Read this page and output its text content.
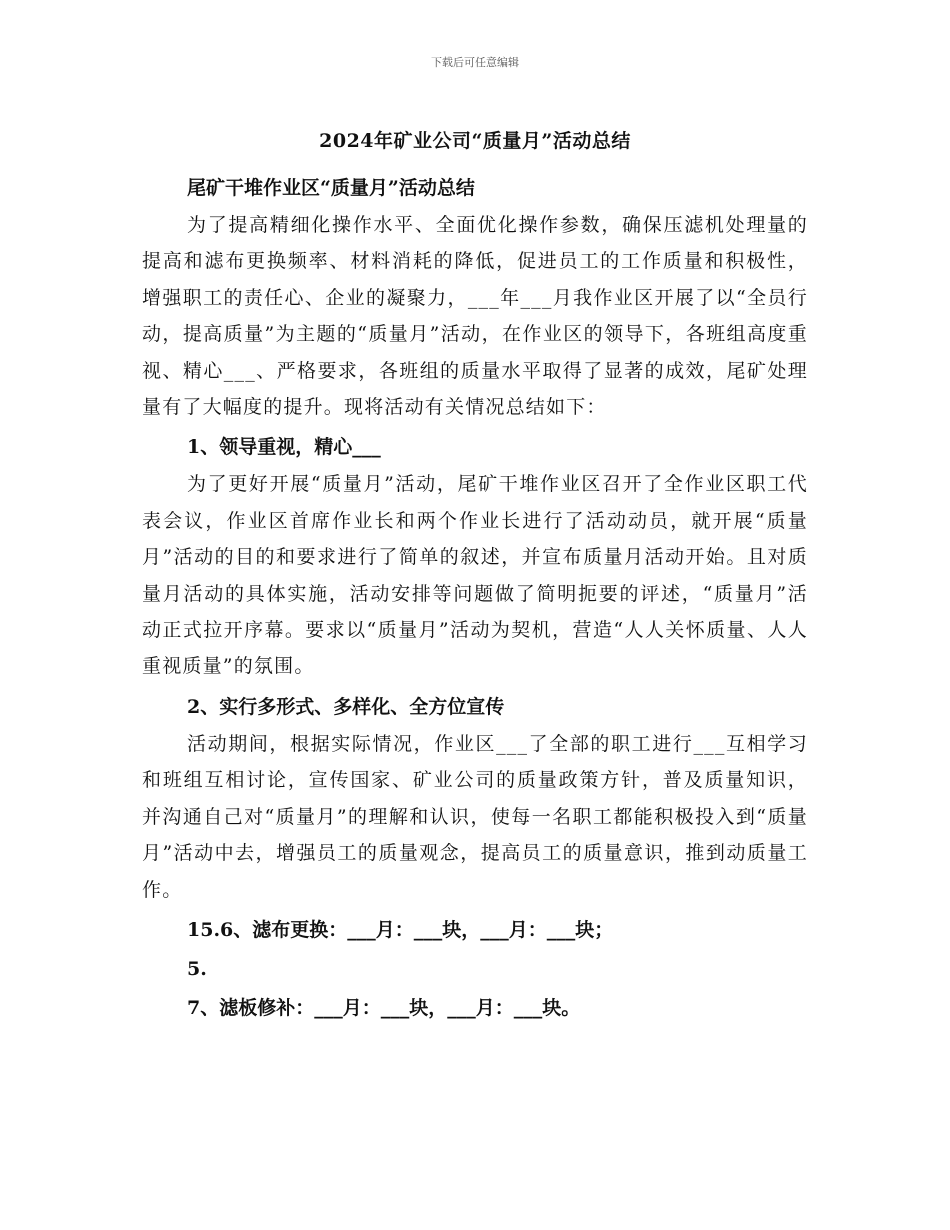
下载后可任意编辑
2024年矿业公司“质量月”活动总结
尾矿干堆作业区“质量月”活动总结

为了提高精细化操作水平、全面优化操作参数，确保压滤机处理量的提高和滤布更换频率、材料消耗的降低，促进员工的工作质量和积极性，增强职工的责任心、企业的凝聚力，___年___月我作业区开展了以“全员行动，提高质量”为主题的“质量月”活动，在作业区的领导下，各班组高度重视、精心___、严格要求，各班组的质量水平取得了显著的成效，尾矿处理量有了大幅度的提升。现将活动有关情况总结如下：

1、领导重视，精心___

为了更好开展“质量月”活动，尾矿干堆作业区召开了全作业区职工代表会议，作业区首席作业长和两个作业长进行了活动动员，就开展“质量月”活动的目的和要求进行了简单的叙述，并宣布质量月活动开始。且对质量月活动的具体实施，活动安排等问题做了简明扼要的评述，“质量月”活动正式拉开序幕。要求以“质量月”活动为契机，营造“人人关怀质量、人人重视质量”的氛围。

2、实行多形式、多样化、全方位宣传

活动期间，根据实际情况，作业区___了全部的职工进行___互相学习和班组互相讨论，宣传国家、矿业公司的质量政策方针，普及质量知识，并沟通自己对“质量月”的理解和认识，使每一名职工都能积极投入到“质量月”活动中去，增强员工的质量观念，提高员工的质量意识，推到动质量工作。

15.6、滤布更换：___月：___块，___月：___块；
5.
7、滤板修补：___月：___块，___月：___块。
